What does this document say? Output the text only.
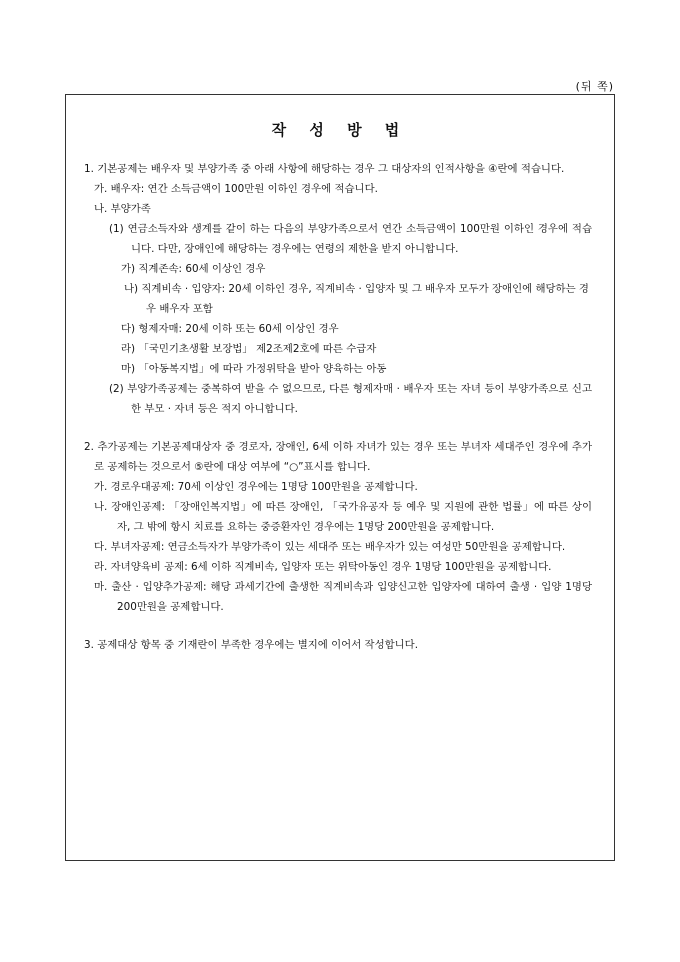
(뒤 쪽)
작 성 방 법
1. 기본공제는 배우자 및 부양가족 중 아래 사항에 해당하는 경우 그 대상자의 인적사항을 ④란에 적습니다.
가. 배우자: 연간 소득금액이 100만원 이하인 경우에 적습니다.
나. 부양가족
(1) 연금소득자와 생계를 같이 하는 다음의 부양가족으로서 연간 소득금액이 100만원 이하인 경우에 적습니다. 다만, 장애인에 해당하는 경우에는 연령의 제한을 받지 아니합니다.
가) 직계존속: 60세 이상인 경우
나) 직계비속 · 입양자: 20세 이하인 경우, 직계비속 · 입양자 및 그 배우자 모두가 장애인에 해당하는 경우 배우자 포함
다) 형제자매: 20세 이하 또는 60세 이상인 경우
라) 「국민기초생활 보장법」 제2조제2호에 따른 수급자
마) 「아동복지법」에 따라 가정위탁을 받아 양육하는 아동
(2) 부양가족공제는 중복하여 받을 수 없으므로, 다른 형제자매 · 배우자 또는 자녀 등이 부양가족으로 신고한 부모 · 자녀 등은 적지 아니합니다.
2. 추가공제는 기본공제대상자 중 경로자, 장애인, 6세 이하 자녀가 있는 경우 또는 부녀자 세대주인 경우에 추가로 공제하는 것으로서 ⑤란에 대상 여부에 “○”표시를 합니다.
가. 경로우대공제: 70세 이상인 경우에는 1명당 100만원을 공제합니다.
나. 장애인공제: 「장애인복지법」에 따른 장애인, 「국가유공자 등 예우 및 지원에 관한 법률」에 따른 상이자, 그 밖에 항시 치료를 요하는 중증환자인 경우에는 1명당 200만원을 공제합니다.
다. 부녀자공제: 연금소득자가 부양가족이 있는 세대주 또는 배우자가 있는 여성만 50만원을 공제합니다.
라. 자녀양육비 공제: 6세 이하 직계비속, 입양자 또는 위탁아동인 경우 1명당 100만원을 공제합니다.
마. 출산 · 입양추가공제: 해당 과세기간에 출생한 직계비속과 입양신고한 입양자에 대하여 출생 · 입양 1명당 200만원을 공제합니다.
3. 공제대상 항목 중 기재란이 부족한 경우에는 별지에 이어서 작성합니다.
